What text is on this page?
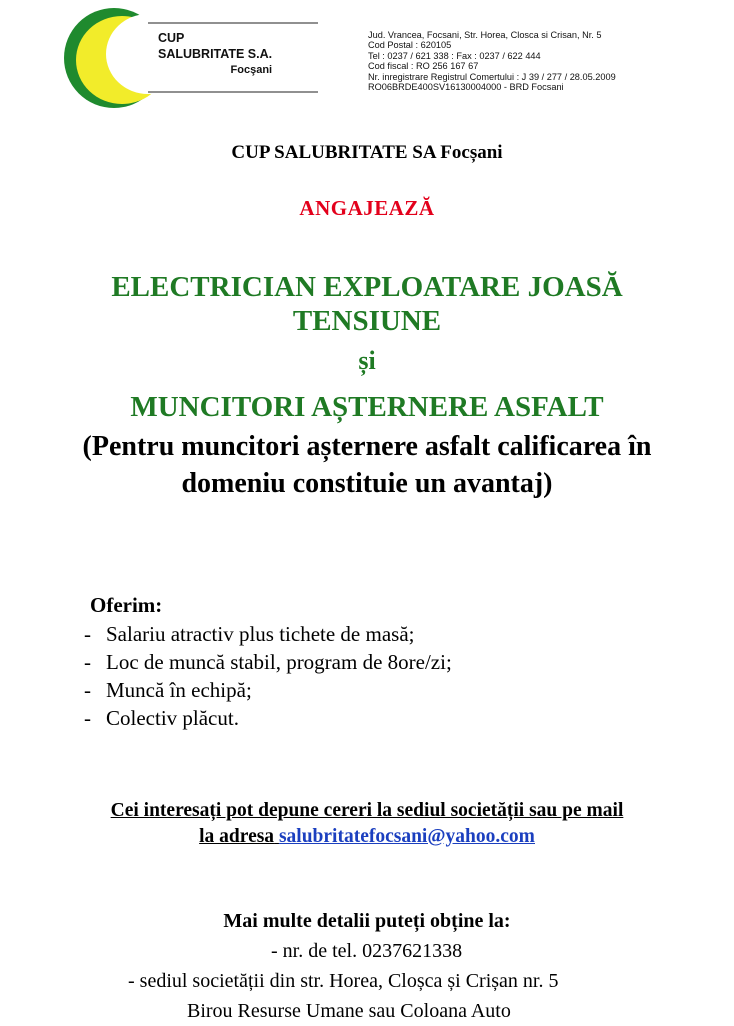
CUP
SALUBRITATE S.A.
Focşani
Jud. Vrancea, Focsani, Str. Horea, Closca si Crisan, Nr. 5
Cod Postal : 620105
Tel : 0237 / 621 338 : Fax : 0237 / 622 444
Cod fiscal : RO 256 167 67
Nr. inregistrare Registrul Comertului : J 39 / 277 / 28.05.2009
RO06BRDE400SV16130004000 - BRD Focsani
CUP SALUBRITATE SA Focșani
ANGAJEAZĂ
ELECTRICIAN EXPLOATARE JOASĂ TENSIUNE
și
MUNCITORI AȘTERNERE ASFALT
(Pentru muncitori așternere asfalt calificarea în domeniu constituie un avantaj)
Oferim:
- Salariu atractiv plus tichete de masă;
- Loc de muncă stabil, program de 8ore/zi;
- Muncă în echipă;
- Colectiv plăcut.
Cei interesați pot depune cereri la sediul societății sau pe mail
la adresa salubritatefocsani@yahoo.com
Mai multe detalii puteți obține la:
- nr. de tel. 0237621338
- sediul societății din str. Horea, Cloșca și Crișan nr. 5
Birou Resurse Umane sau Coloana Auto
